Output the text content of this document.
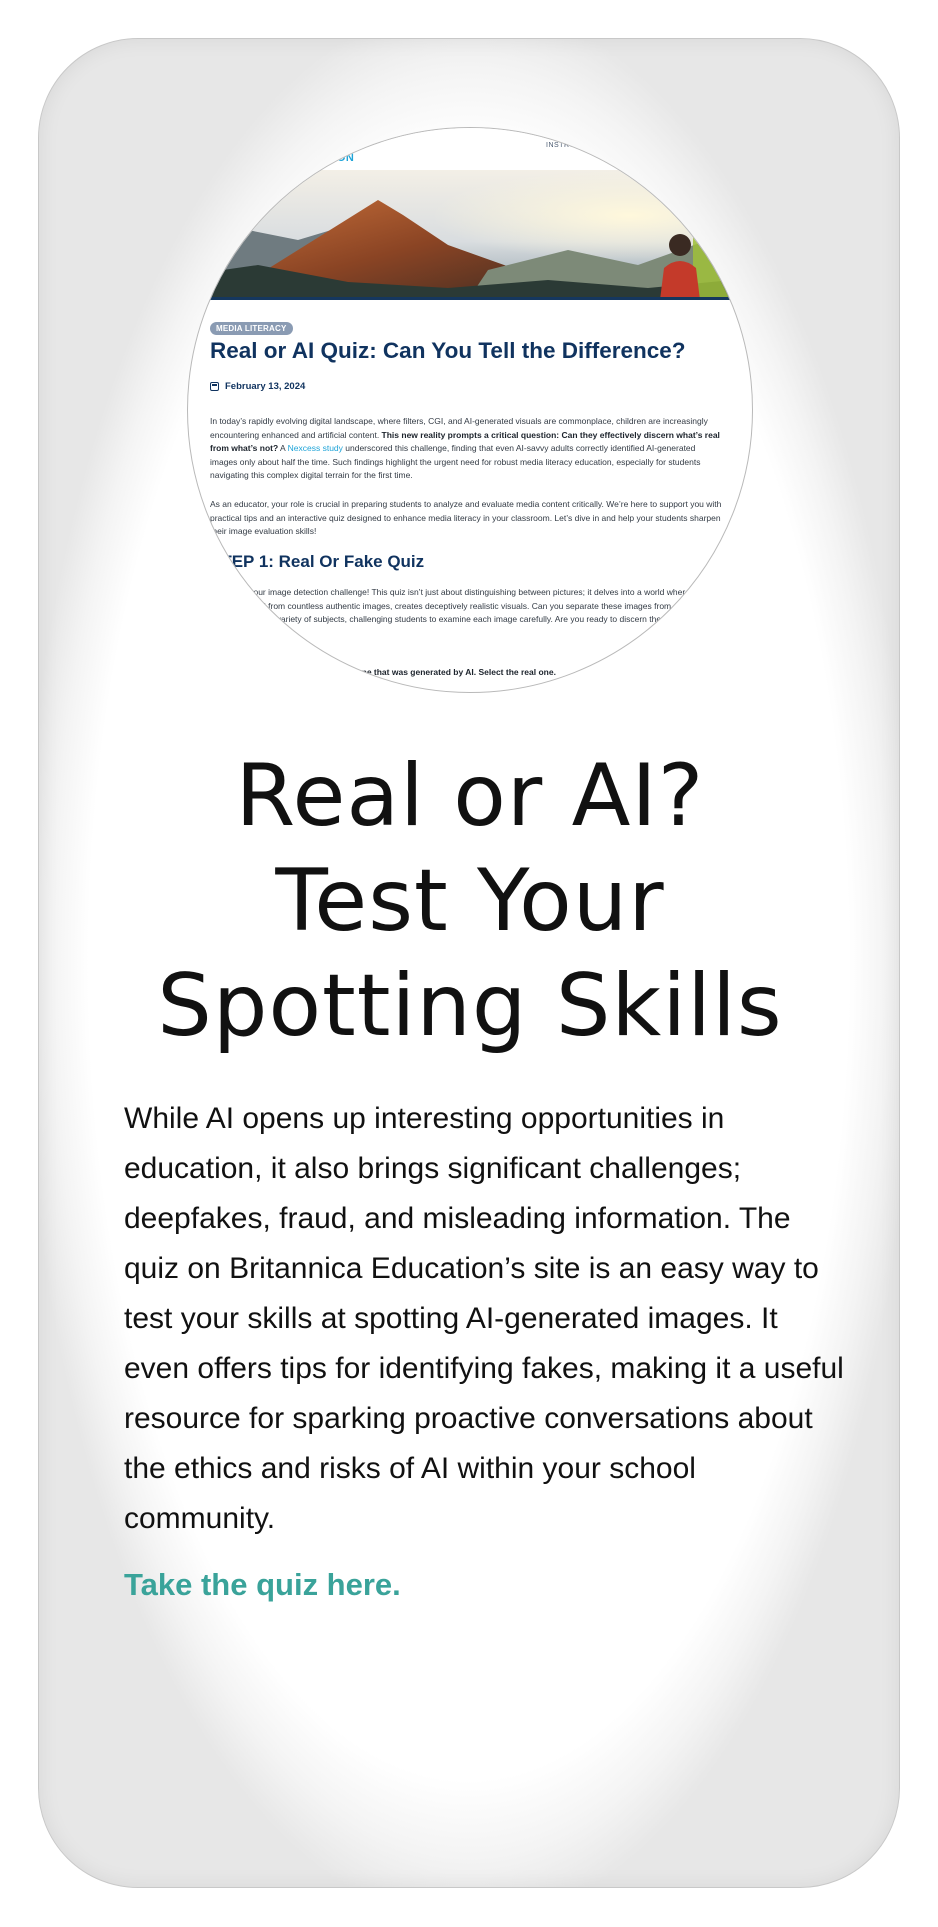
nnica
CATION
INSTRU
MEDIA LITERACY
Real or AI Quiz: Can You Tell the Difference?
February 13, 2024
In today’s rapidly evolving digital landscape, where filters, CGI, and AI-generated visuals are commonplace, children are increasingly encountering enhanced and artificial content. This new reality prompts a critical question: Can they effectively discern what’s real from what’s not? A Nexcess study underscored this challenge, finding that even AI-savvy adults correctly identified AI-generated images only about half the time. Such findings highlight the urgent need for robust media literacy education, especially for students navigating this complex digital terrain for the first time.
As an educator, your role is crucial in preparing students to analyze and evaluate media content critically. We’re here to support you with practical tips and an interactive quiz designed to enhance media literacy in your classroom. Let’s dive in and help your students sharpen their image evaluation skills!
STEP 1: Real Or Fake Quiz
Ready for your image detection challenge! This quiz isn’t just about distinguishing between pictures; it delves into a world where AI, having learned from countless authentic images, creates deceptively realistic visuals. Can you separate these images from reality. Each question spans a variety of subjects, challenging students to examine each image carefully. Are you ready to discern the real from the fake?
Each question has a real image and one that was generated by AI. Select the real one.
Real or AI?
Test Your
Spotting Skills
While AI opens up interesting opportunities in education, it also brings significant challenges; deepfakes, fraud, and misleading information. The quiz on Britannica Education’s site is an easy way to test your skills at spotting AI-generated images. It even offers tips for identifying fakes, making it a useful resource for sparking proactive conversations about the ethics and risks of AI within your school community.
Take the quiz here.
